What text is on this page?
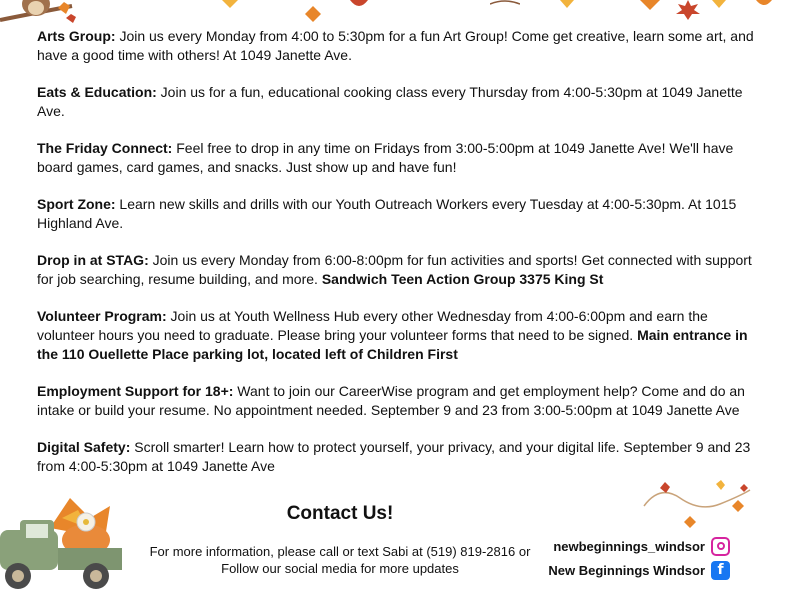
Arts Group: Join us every Monday from 4:00 to 5:30pm for a fun Art Group! Come get creative, learn some art, and have a good time with others! At 1049 Janette Ave.

Eats & Education: Join us for a fun, educational cooking class every Thursday from 4:00-5:30pm at 1049 Janette Ave.

The Friday Connect: Feel free to drop in any time on Fridays from 3:00-5:00pm at 1049 Janette Ave! We'll have board games, card games, and snacks. Just show up and have fun!

Sport Zone: Learn new skills and drills with our Youth Outreach Workers every Tuesday at 4:00-5:30pm. At 1015 Highland Ave.

Drop in at STAG: Join us every Monday from 6:00-8:00pm for fun activities and sports! Get connected with support for job searching, resume building, and more. Sandwich Teen Action Group 3375 King St

Volunteer Program: Join us at Youth Wellness Hub every other Wednesday from 4:00-6:00pm and earn the volunteer hours you need to graduate. Please bring your volunteer forms that need to be signed. Main entrance in the 110 Ouellette Place parking lot, located left of Children First

Employment Support for 18+: Want to join our CareerWise program and get employment help? Come and do an intake or build your resume. No appointment needed. September 9 and 23 from 3:00-5:00pm at 1049 Janette Ave

Digital Safety: Scroll smarter! Learn how to protect yourself, your privacy, and your digital life. September 9 and 23 from 4:00-5:30pm at 1049 Janette Ave

Contact Us!
For more information, please call or text Sabi at (519) 819-2816 or
Follow our social media for more updates
newbeginnings_windsor
New Beginnings Windsor f
